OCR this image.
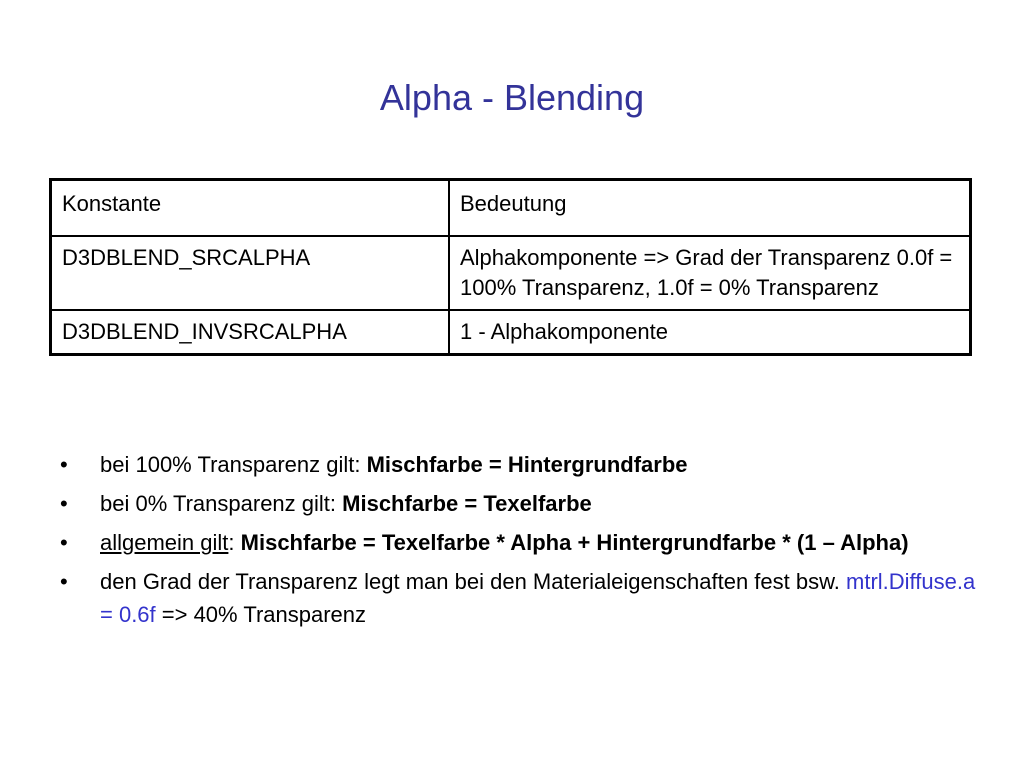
Alpha - Blending
Konstante	Bedeutung
D3DBLEND_SRCALPHA	Alphakomponente => Grad der Transparenz 0.0f = 100% Transparenz, 1.0f = 0% Transparenz
D3DBLEND_INVSRCALPHA	1 - Alphakomponente
• bei 100% Transparenz gilt: Mischfarbe = Hintergrundfarbe
• bei 0% Transparenz gilt: Mischfarbe = Texelfarbe
• allgemein gilt: Mischfarbe = Texelfarbe * Alpha + Hintergrundfarbe * (1 – Alpha)
• den Grad der Transparenz legt man bei den Materialeigenschaften fest bsw. mtrl.Diffuse.a = 0.6f => 40% Transparenz
